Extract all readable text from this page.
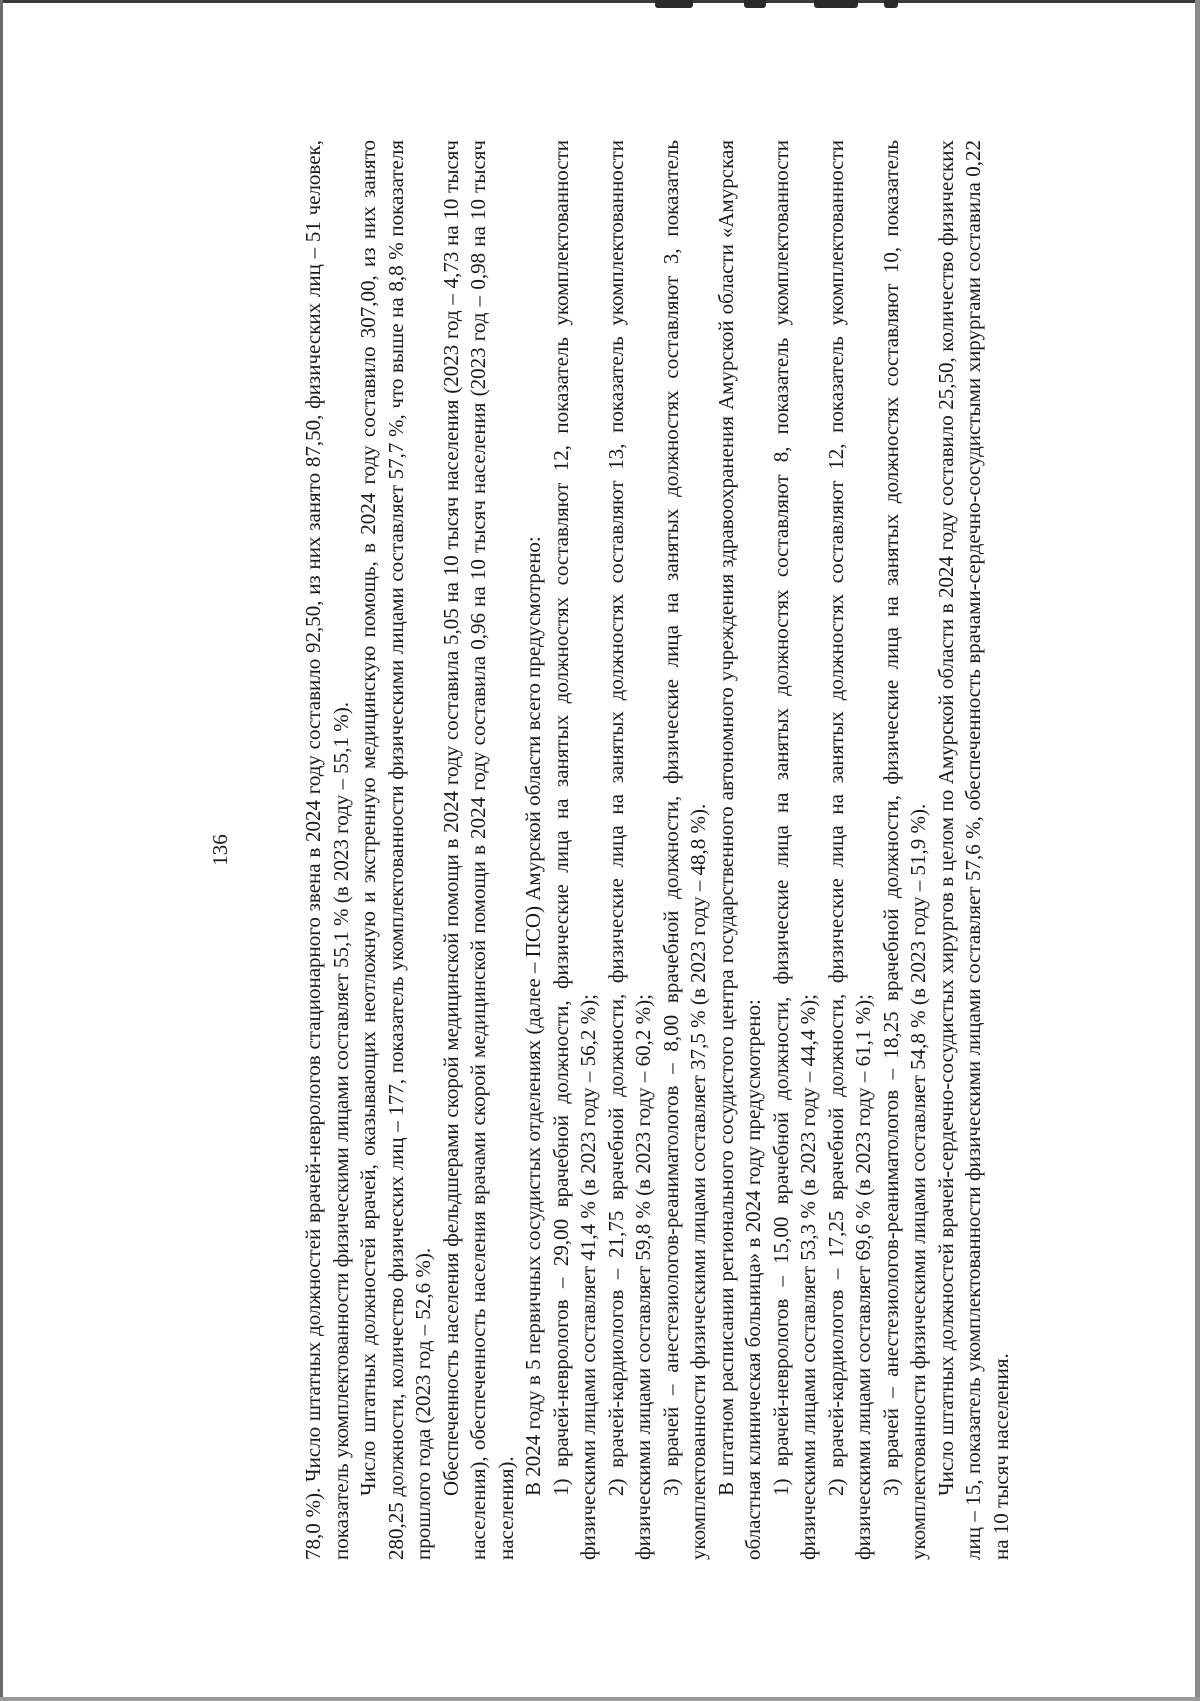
136	78,0 %). Число штатных должностей врачей-неврологов стационарного звена в 2024 году составило 92,50, из них занято 87,50, физических лиц – 51 человек, показатель укомплектованности физическими лицами составляет 55,1 % (в 2023 году – 55,1 %). Число штатных должностей врачей, оказывающих неотложную и экстренную медицинскую помощь, в 2024 году составило 307,00, из них занято 280,25 должности, количество физических лиц – 177, показатель укомплектованности физическими лицами составляет 57,7 %, что выше на 8,8 % показателя прошлого года (2023 год – 52,6 %). Обеспеченность населения фельдшерами скорой медицинской помощи в 2024 году составила 5,05 на 10 тысяч населения (2023 год – 4,73 на 10 тысяч населения), обеспеченность населения врачами скорой медицинской помощи в 2024 году составила 0,96 на 10 тысяч населения (2023 год – 0,98 на 10 тысяч населения).

В 2024 году в 5 первичных сосудистых отделениях (далее – ПСО) Амурской области всего предусмотрено: 1) врачей-неврологов – 29,00 врачебной должности, физические лица на занятых должностях составляют 12, показатель укомплектованности физическими лицами составляет 41,4 % (в 2023 году – 56,2 %); 2) врачей-кардиологов – 21,75 врачебной должности, физические лица на занятых должностях составляют 13, показатель укомплектованности физическими лицами составляет 59,8 % (в 2023 году – 60,2 %); 3) врачей – анестезиологов-реаниматологов – 8,00 врачебной должности, физические лица на занятых должностях составляют 3, показатель укомплектованности физическими лицами составляет 37,5 % (в 2023 году – 48,8 %). В штатном расписании регионального сосудистого центра государственного автономного учреждения здравоохранения Амурской области «Амурская областная клиническая больница» в 2024 году предусмотрено: 1) врачей-неврологов – 15,00 врачебной должности, физические лица на занятых должностях составляют 8, показатель укомплектованности физическими лицами составляет 53,3 % (в 2023 году – 44,4 %); 2) врачей-кардиологов – 17,25 врачебной должности, физические лица на занятых должностях составляют 12, показатель укомплектованности физическими лицами составляет 69,6 % (в 2023 году – 61,1 %); 3) врачей – анестезиологов-реаниматологов – 18,25 врачебной должности, физические лица на занятых должностях составляют 10, показатель укомплектованности физическими лицами составляет 54,8 % (в 2023 году – 51,9 %). Число штатных должностей врачей-сердечно-сосудистых хирургов в целом по Амурской области в 2024 году составило 25,50, количество физических лиц – 15, показатель укомплектованности физическими лицами составляет 57,6 %, обеспеченность врачами-сердечно-сосудистыми хирургами составила 0,22 на 10 тысяч населения.
